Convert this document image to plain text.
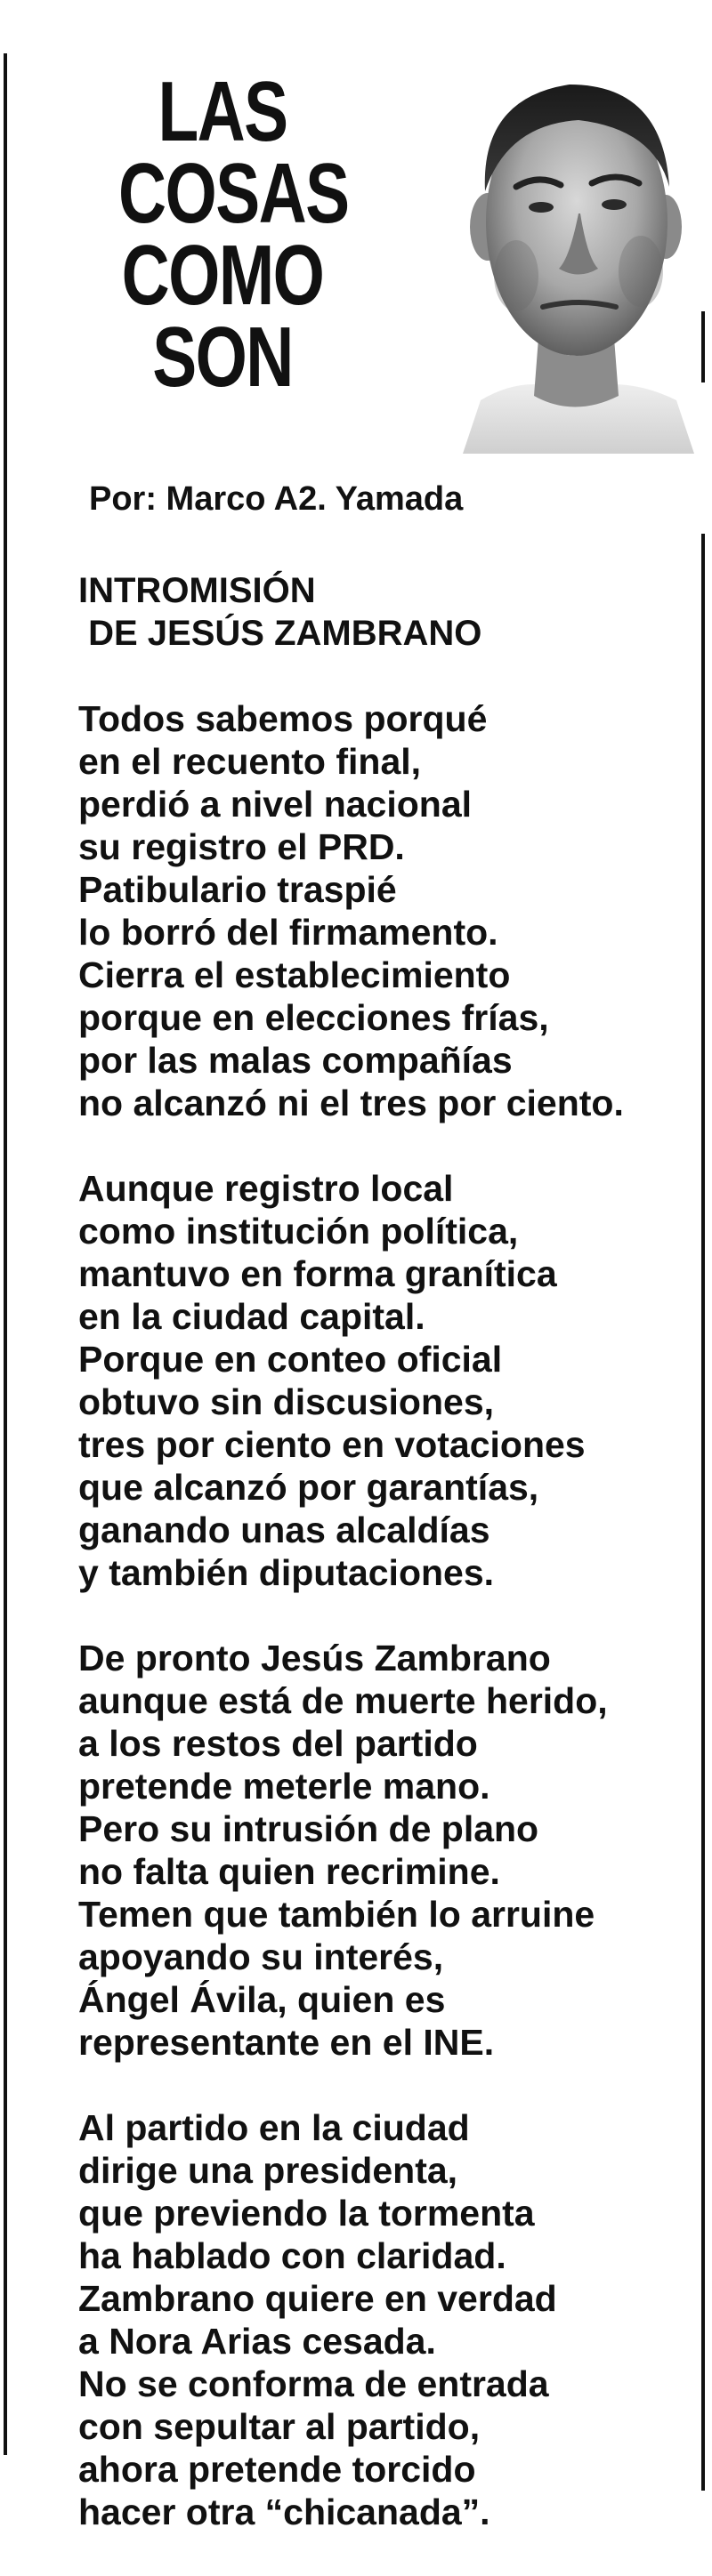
LAS
COSAS
COMO
SON
Por: Marco A2. Yamada
INTROMISIÓN
DE JESÚS ZAMBRANO
Todos sabemos porqué
en el recuento final,
perdió a nivel nacional
su registro el PRD.
Patibulario traspié
lo borró del firmamento.
Cierra el establecimiento
porque en elecciones frías,
por las malas compañías
no alcanzó ni el tres por ciento.
Aunque registro local
como institución política,
mantuvo en forma granítica
en la ciudad capital.
Porque en conteo oficial
obtuvo sin discusiones,
tres por ciento en votaciones
que alcanzó por garantías,
ganando unas alcaldías
y también diputaciones.
De pronto Jesús Zambrano
aunque está de muerte herido,
a los restos del partido
pretende meterle mano.
Pero su intrusión de plano
no falta quien recrimine.
Temen que también lo arruine
apoyando su interés,
Ángel Ávila, quien es
representante en el INE.
Al partido en la ciudad
dirige una presidenta,
que previendo la tormenta
ha hablado con claridad.
Zambrano quiere en verdad
a Nora Arias cesada.
No se conforma de entrada
con sepultar al partido,
ahora pretende torcido
hacer otra “chicanada”.
